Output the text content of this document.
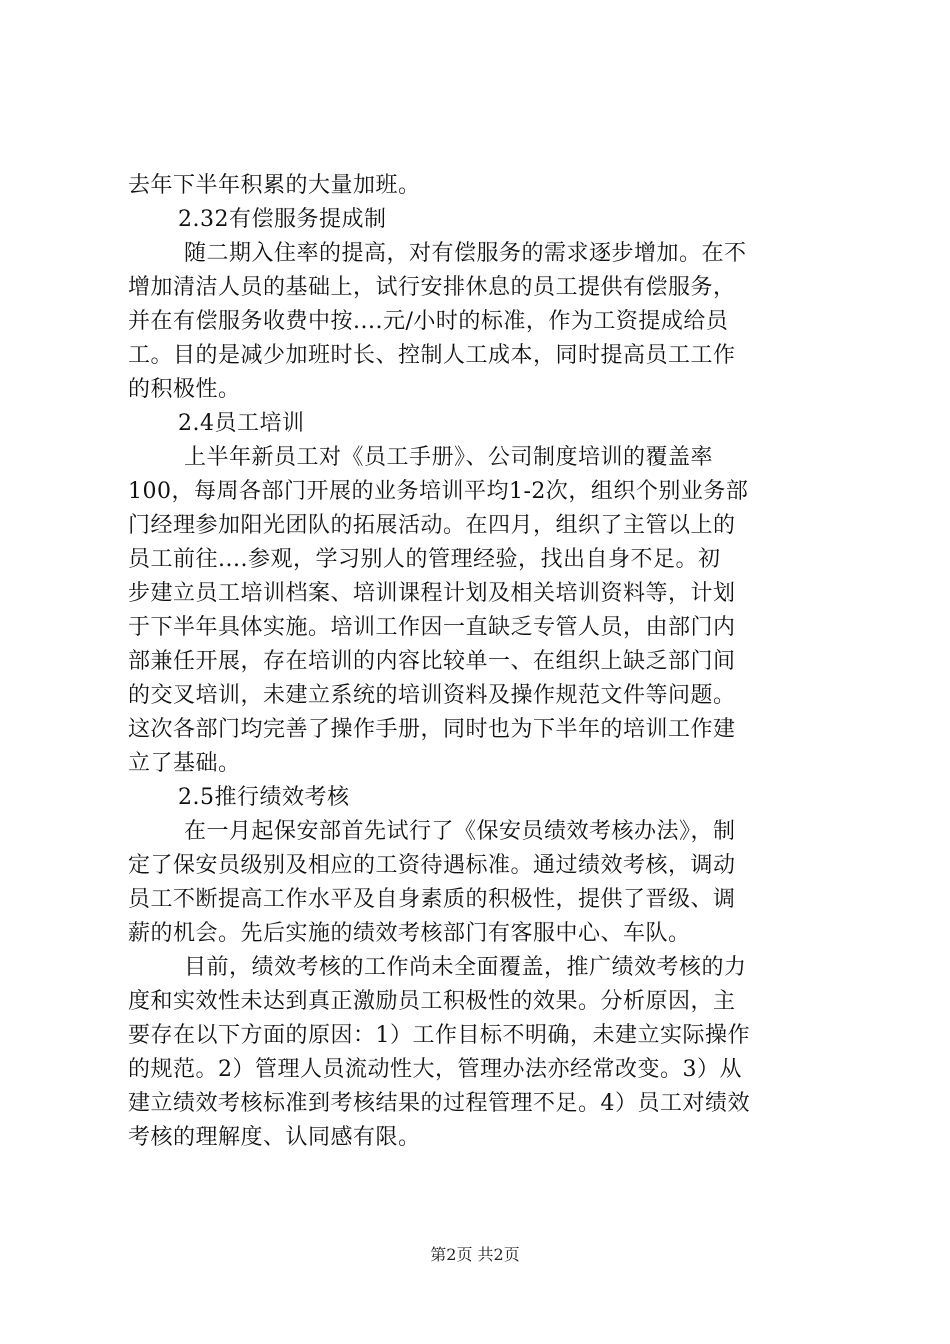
去年下半年积累的大量加班。
2.32有偿服务提成制
随二期入住率的提高，对有偿服务的需求逐步增加。在不
增加清洁人员的基础上，试行安排休息的员工提供有偿服务，
并在有偿服务收费中按....元/小时的标准，作为工资提成给员
工。目的是减少加班时长、控制人工成本，同时提高员工工作
的积极性。
2.4员工培训
上半年新员工对《员工手册》、公司制度培训的覆盖率
100，每周各部门开展的业务培训平均1-2次，组织个别业务部
门经理参加阳光团队的拓展活动。在四月，组织了主管以上的
员工前往....参观，学习别人的管理经验，找出自身不足。初
步建立员工培训档案、培训课程计划及相关培训资料等，计划
于下半年具体实施。培训工作因一直缺乏专管人员，由部门内
部兼任开展，存在培训的内容比较单一、在组织上缺乏部门间
的交叉培训，未建立系统的培训资料及操作规范文件等问题。
这次各部门均完善了操作手册，同时也为下半年的培训工作建
立了基础。
2.5推行绩效考核
在一月起保安部首先试行了《保安员绩效考核办法》，制
定了保安员级别及相应的工资待遇标准。通过绩效考核，调动
员工不断提高工作水平及自身素质的积极性，提供了晋级、调
薪的机会。先后实施的绩效考核部门有客服中心、车队。
目前，绩效考核的工作尚未全面覆盖，推广绩效考核的力
度和实效性未达到真正激励员工积极性的效果。分析原因，主
要存在以下方面的原因：1）工作目标不明确，未建立实际操作
的规范。2）管理人员流动性大，管理办法亦经常改变。3）从
建立绩效考核标准到考核结果的过程管理不足。4）员工对绩效
考核的理解度、认同感有限。
第2页 共2页
